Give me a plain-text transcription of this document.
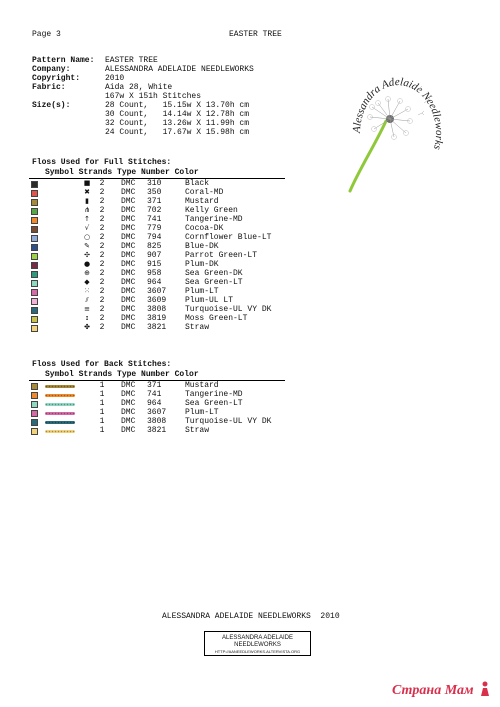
Page 3	EASTER TREE
Pattern Name: EASTER TREE
Company:	ALESSANDRA ADELAIDE NEEDLEWORKS
Copyright:	2010
Fabric:	Aida 28, White
167w X 151h Stitches
Size(s):	28 Count,   15.15w X 13.70h cm
30 Count,   14.14w X 12.78h cm
32 Count,   13.26w X 11.99h cm
24 Count,   17.67w X 15.98h cm	Alessandra Adelaide Needleworks
Floss Used for Full Stitches:
Symbol Strands Type Number Color
■	2 DMC 310	Black
✖	2 DMC 350	Coral-MD
▮	2 DMC 371	Mustard
⋔	2 DMC 702	Kelly Green
↑	2 DMC 741	Tangerine-MD
√	2 DMC 779	Cocoa-DK
○	2 DMC 794	Cornflower Blue-LT
✎	2 DMC 825	Blue-DK
✣	2 DMC 907	Parrot Green-LT
●	2 DMC 915	Plum-DK
⊕	2 DMC 958	Sea Green-DK
◆	2 DMC 964	Sea Green-LT
⁙	2 DMC 3607 Plum-LT
⫽	2 DMC 3609 Plum-UL LT
≡	2 DMC 3808 Turquoise-UL VY DK
ɪ	2 DMC 3819 Moss Green-LT
✤	2 DMC 3821 Straw
Floss Used for Back Stitches:
Symbol Strands Type Number Color
1 DMC 371	Mustard
1 DMC 741	Tangerine-MD
1 DMC 964	Sea Green-LT
1 DMC 3607 Plum-LT
1 DMC 3808 Turquoise-UL VY DK
1 DMC 3821 Straw
ALESSANDRA ADELAIDE NEEDLEWORKS  2010
ALESSANDRA ADELAIDE
NEEDLEWORKS
HTTP://AANEEDLEWORKS.ALTERVISTA.ORG
Страна Мам
